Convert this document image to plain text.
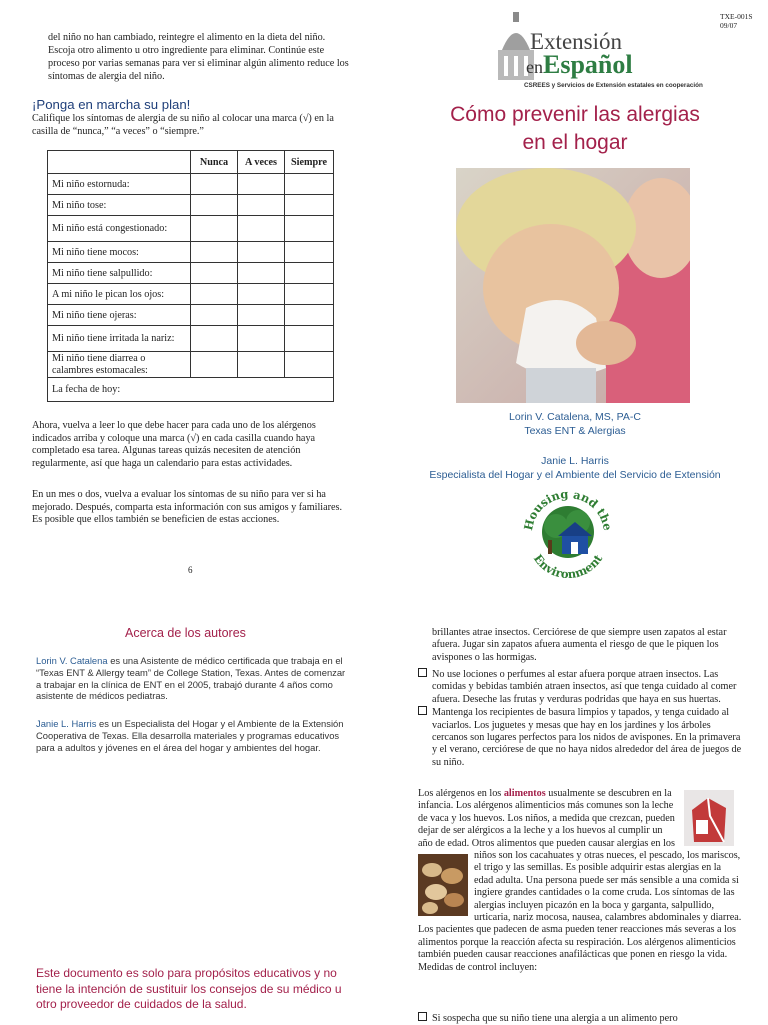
del niño no han cambiado, reintegre el alimento en la dieta del niño. Escoja otro alimento u otro ingrediente para eliminar. Continúe este proceso por varias semanas para ver si eliminar algún alimento reduce los síntomas de alergia del niño.
¡Ponga en marcha su plan!
Califique los síntomas de alergia de su niño al colocar una marca (√) en la casilla de “nunca,” “a veces” o “siempre.”
	Nunca	A veces	Siempre
Mi niño estornuda:			
Mi niño tose:			
Mi niño está congestionado:			
Mi niño tiene mocos:			
Mi niño tiene salpullido:			
A mi niño le pican los ojos:			
Mi niño tiene ojeras:			
Mi niño tiene irritada la nariz:			
Mi niño tiene diarrea o calambres estomacales:			
La fecha de hoy:			
Ahora, vuelva a leer lo que debe hacer para cada uno de los alérgenos indicados arriba y coloque una marca (√) en cada casilla cuando haya completado esa tarea. Algunas tareas quizás necesiten de atención regularmente, así que haga un calendario para estas actividades.
En un mes o dos, vuelva a evaluar los síntomas de su niño para ver si ha mejorado. Después, comparta esta información con sus amigos y familiares. Es posible que ellos también se beneficien de estas acciones.
6
TXE-001S
09/07
Extensión
enEspañol
CSREES y Servicios de Extensión estatales en cooperación
Cómo prevenir las alergias
en el hogar
Lorin V. Catalena, MS, PA-C
Texas ENT & Alergias
Janie L. Harris
Especialista del Hogar y el Ambiente del Servicio de Extensión
Housing and the
Environment
Acerca de los autores
Lorin V. Catalena es una Asistente de médico certificada que trabaja en el “Texas ENT & Allergy team” de College Station, Texas. Antes de comenzar a trabajar en la clínica de ENT en el 2005, trabajó durante 4 años como asistente de médicos pediatras.
Janie L. Harris es un Especialista del Hogar y el Ambiente de la Extensión Cooperativa de Texas. Ella desarrolla materiales y programas educativos para a adultos y jóvenes en el área del hogar y ambientes del hogar.
Este documento es solo para propósitos educativos y no tiene la intención de sustituir los consejos de su médico u otro proveedor de cuidados de la salud.
brillantes atrae insectos. Cerciórese de que siempre usen zapatos al estar afuera. Jugar sin zapatos afuera aumenta el riesgo de que le piquen los avispones o las hormigas.
No use lociones o perfumes al estar afuera porque atraen insectos. Las comidas y bebidas también atraen insectos, así que tenga cuidado al comer afuera. Deseche las frutas y verduras podridas que haya en sus huertas.
Mantenga los recipientes de basura limpios y tapados, y tenga cuidado al vaciarlos. Los juguetes y mesas que hay en los jardines y los árboles cercanos son lugares perfectos para los nidos de avispones. En la primavera y el verano, cerciórese de que no haya nidos alrededor del área de juegos de su niño.
Los alérgenos en los alimentos usualmente se descubren en la infancia. Los alérgenos alimenticios más comunes son la leche de vaca y los huevos. Los niños, a medida que crezcan, pueden dejar de ser alérgicos a la leche y a los huevos al cumplir un año de edad. Otros alimentos que pueden causar alergias en los niños son los
cacahuates y otras nueces, el pescado, los mariscos, el trigo y las semillas. Es posible adquirir estas alergias en la edad adulta. Una persona puede ser más sensible a una comida si ingiere grandes cantidades o la come cruda. Los síntomas de las alergias incluyen picazón en la boca y garganta, salpullido, urticaria, nariz mocosa, nausea, calambres abdominales y diarrea. Los pacientes que padecen de asma pueden tener reacciones más severas a los alimentos porque la reacción afecta su respiración. Los alérgenos alimenticios también pueden causar reacciones anafilácticas que ponen en riesgo la vida. Medidas de control incluyen:
Si sospecha que su niño tiene una alergia a un alimento pero
